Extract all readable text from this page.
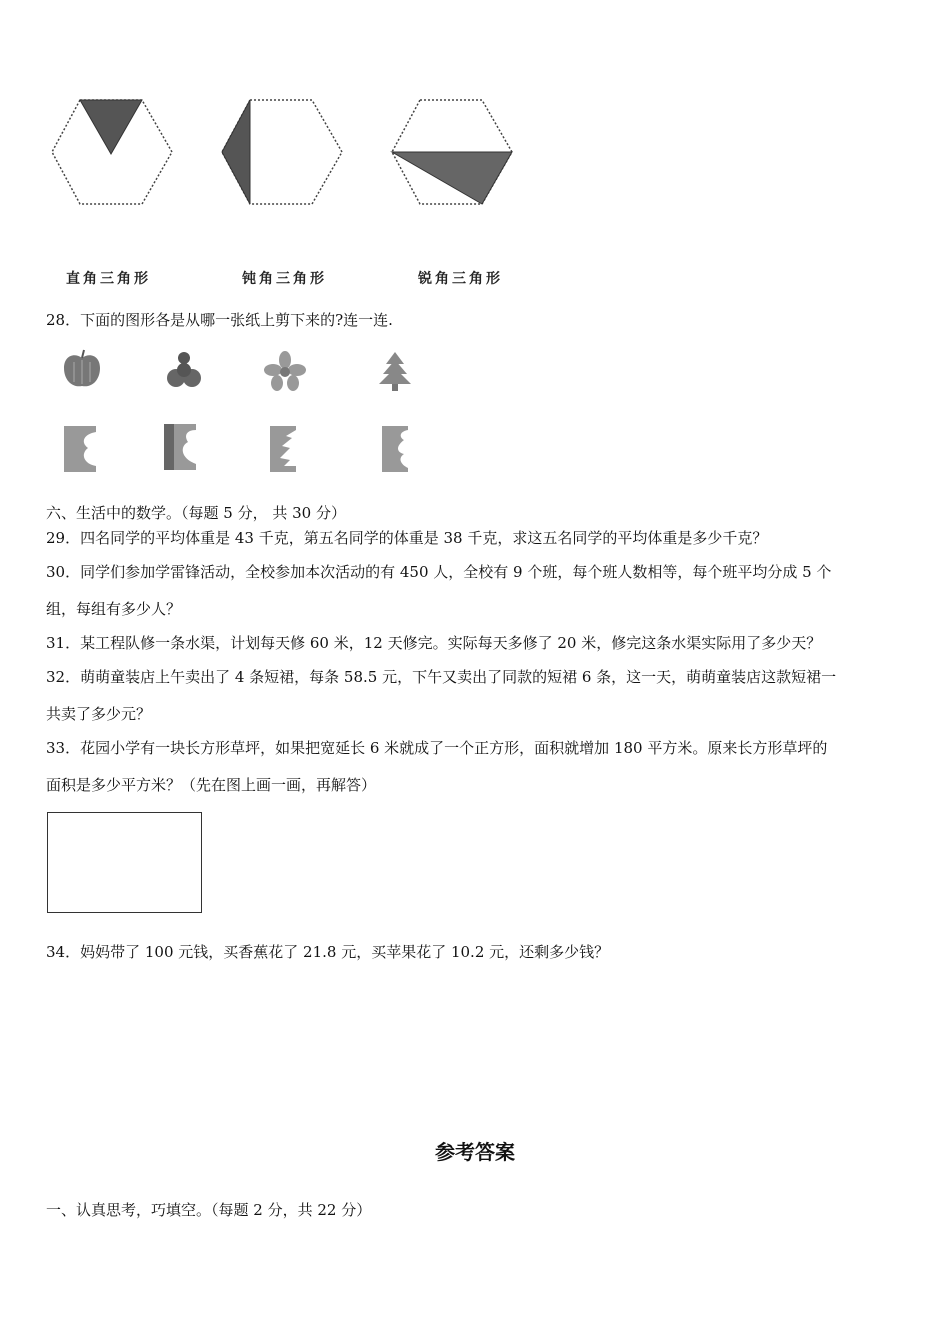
直角三角形	钝角三角形	锐角三角形
28．下面的图形各是从哪一张纸上剪下来的?连一连.
六、生活中的数学。（每题 5 分， 共 30 分）
29．四名同学的平均体重是 43 千克，第五名同学的体重是 38 千克，求这五名同学的平均体重是多少千克？
30．同学们参加学雷锋活动，全校参加本次活动的有 450 人，全校有 9 个班，每个班人数相等，每个班平均分成 5 个
组，每组有多少人？
31．某工程队修一条水渠，计划每天修 60 米，12 天修完。实际每天多修了 20 米，修完这条水渠实际用了多少天？
32．萌萌童装店上午卖出了 4 条短裙，每条 58.5 元，下午又卖出了同款的短裙 6 条，这一天，萌萌童装店这款短裙一
共卖了多少元？
33．花园小学有一块长方形草坪，如果把宽延长 6 米就成了一个正方形，面积就增加 180 平方米。原来长方形草坪的
面积是多少平方米？（先在图上画一画，再解答）
34．妈妈带了 100 元钱，买香蕉花了 21.8 元，买苹果花了 10.2 元，还剩多少钱？
参考答案
一、认真思考，巧填空。（每题 2 分，共 22 分）
